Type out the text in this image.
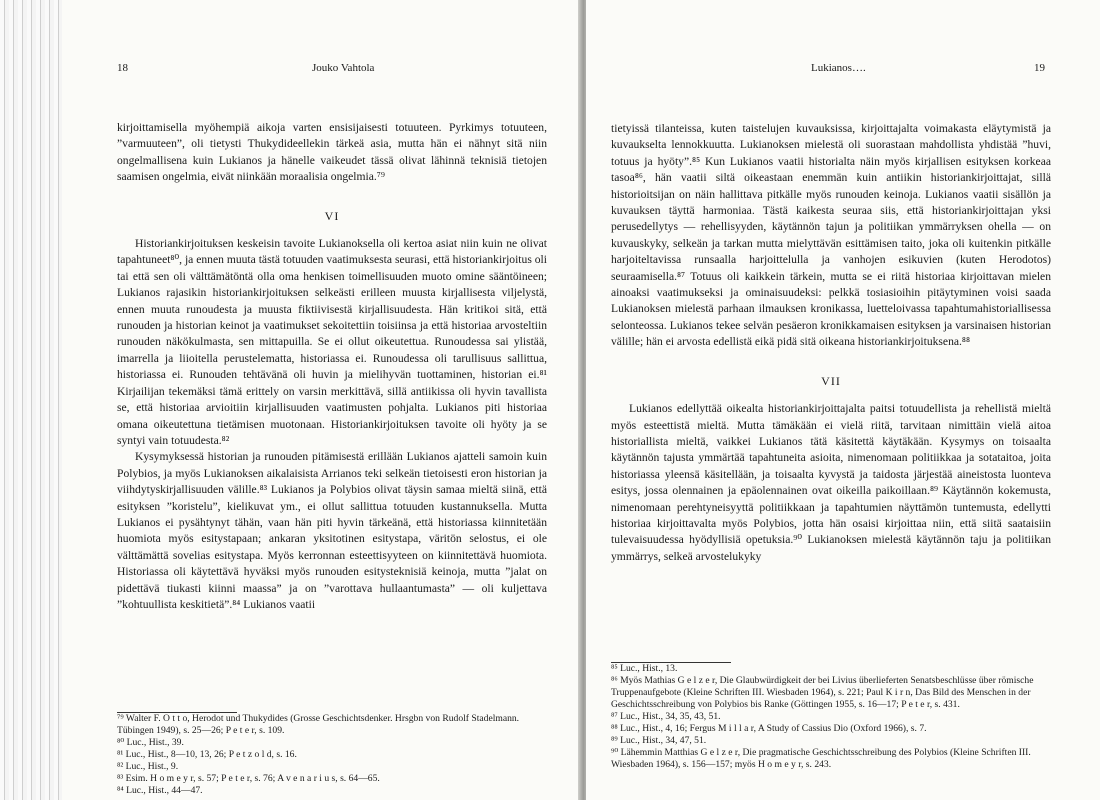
18	Jouko Vahtola

kirjoittamisella myöhempiä aikoja varten ensisijaisesti totuuteen. Pyrkimys totuuteen, ”varmuuteen”, oli tietysti Thukydideellekin tärkeä asia, mutta hän ei nähnyt sitä niin ongelmallisena kuin Lukianos ja hänelle vaikeudet tässä olivat lähinnä teknisiä tietojen saamisen ongelmia, eivät niinkään moraalisia ongelmia.⁷⁹

VI

Historiankirjoituksen keskeisin tavoite Lukianoksella oli kertoa asiat niin kuin ne olivat tapahtuneet⁸⁰, ja ennen muuta tästä totuuden vaatimuksesta seurasi, että historiankirjoitus oli tai että sen oli välttämätöntä olla oma henkisen toimellisuuden muoto omine sääntöineen; Lukianos rajasikin historiankirjoituksen selkeästi erilleen muusta kirjallisesta viljelystä, ennen muuta runoudesta ja muusta fiktiivisestä kirjallisuudesta. Hän kritikoi sitä, että runouden ja historian keinot ja vaatimukset sekoitettiin toisiinsa ja että historiaa arvosteltiin runouden näkökulmasta, sen mittapuilla. Se ei ollut oikeutettua. Runoudessa sai ylistää, imarrella ja liioitella perustelematta, historiassa ei. Runoudessa oli tarullisuus sallittua, historiassa ei. Runouden tehtävänä oli huvin ja mielihyvän tuottaminen, historian ei.⁸¹ Kirjailijan tekemäksi tämä erittely on varsin merkittävä, sillä antiikissa oli hyvin tavallista se, että historiaa arvioitiin kirjallisuuden vaatimusten pohjalta. Lukianos piti historiaa omana oikeutettuna tietämisen muotonaan. Historiankirjoituksen tavoite oli hyöty ja se syntyi vain totuudesta.⁸²

Kysymyksessä historian ja runouden pitämisestä erillään Lukianos ajatteli samoin kuin Polybios, ja myös Lukianoksen aikalaisista Arrianos teki selkeän tietoisesti eron historian ja viihdytyskirjallisuuden välille.⁸³ Lukianos ja Polybios olivat täysin samaa mieltä siinä, että esityksen ”koristelu”, kielikuvat ym., ei ollut sallittua totuuden kustannuksella. Mutta Lukianos ei pysähtynyt tähän, vaan hän piti hyvin tärkeänä, että historiassa kiinnitetään huomiota myös esitystapaan; ankaran yksitotinen esitystapa, väritön selostus, ei ole välttämättä sovelias esitystapa. Myös kerronnan esteettisyyteen on kiinnitettävä huomiota. Historiassa oli käytettävä hyväksi myös runouden esitysteknisiä keinoja, mutta ”jalat on pidettävä tiukasti kiinni maassa” ja on ”varottava hullaantumasta” — oli kuljettava ”kohtuullista keskitietä”.⁸⁴ Lukianos vaatii

⁷⁹ Walter F. O t t o, Herodot und Thukydides (Grosse Geschichtsdenker. Hrsgbn von Rudolf Stadelmann. Tübingen 1949), s. 25—26; P e t e r, s. 109.
⁸⁰ Luc., Hist., 39.
⁸¹ Luc., Hist., 8—10, 13, 26; P e t z o l d, s. 16.
⁸² Luc., Hist., 9.
⁸³ Esim. H o m e y r, s. 57; P e t e r, s. 76; A v e n a r i u s, s. 64—65.
⁸⁴ Luc., Hist., 44—47.
Lukianos….	19

tietyissä tilanteissa, kuten taistelujen kuvauksissa, kirjoittajalta voimakasta eläytymistä ja kuvaukselta lennokkuutta. Lukianoksen mielestä oli suorastaan mahdollista yhdistää ”huvi, totuus ja hyöty”.⁸⁵ Kun Lukianos vaatii historialta näin myös kirjallisen esityksen korkeaa tasoa⁸⁶, hän vaatii siltä oikeastaan enemmän kuin antiikin historiankirjoittajat, sillä historioitsijan on näin hallittava pitkälle myös runouden keinoja. Lukianos vaatii sisällön ja kuvauksen täyttä harmoniaa. Tästä kaikesta seuraa siis, että historiankirjoittajan yksi perusedellytys — rehellisyyden, käytännön tajun ja politiikan ymmärryksen ohella — on kuvauskyky, selkeän ja tarkan mutta mielyttävän esittämisen taito, joka oli kuitenkin pitkälle harjoiteltavissa runsaalla harjoittelulla ja vanhojen esikuvien (kuten Herodotos) seuraamisella.⁸⁷ Totuus oli kaikkein tärkein, mutta se ei riitä historiaa kirjoittavan mielen ainoaksi vaatimukseksi ja ominaisuudeksi: pelkkä tosiasioihin pitäytyminen voisi saada Lukianoksen mielestä parhaan ilmauksen kronikassa, luetteloivassa tapahtumahistoriallisessa selonteossa. Lukianos tekee selvän pesäeron kronikkamaisen esityksen ja varsinaisen historian välille; hän ei arvosta edellistä eikä pidä sitä oikeana historiankirjoituksena.⁸⁸

VII

Lukianos edellyttää oikealta historiankirjoittajalta paitsi totuudellista ja rehellistä mieltä myös esteettistä mieltä. Mutta tämäkään ei vielä riitä, tarvitaan nimittäin vielä aitoa historiallista mieltä, vaikkei Lukianos tätä käsitettä käytäkään. Kysymys on toisaalta käytännön tajusta ymmärtää tapahtuneita asioita, nimenomaan politiikkaa ja sotataitoa, joita historiassa yleensä käsitellään, ja toisaalta kyvystä ja taidosta järjestää aineistosta luonteva esitys, jossa olennainen ja epäolennainen ovat oikeilla paikoillaan.⁸⁹ Käytännön kokemusta, nimenomaan perehtyneisyyttä politiikkaan ja tapahtumien näyttämön tuntemusta, edellytti historiaa kirjoittavalta myös Polybios, jotta hän osaisi kirjoittaa niin, että siitä saataisiin tulevaisuudessa hyödyllisiä opetuksia.⁹⁰ Lukianoksen mielestä käytännön taju ja politiikan ymmärrys, selkeä arvostelukyky

⁸⁵ Luc., Hist., 13.
⁸⁶ Myös Mathias G e l z e r, Die Glaubwürdigkeit der bei Livius überlieferten Senatsbeschlüsse über römische Truppenaufgebote (Kleine Schriften III. Wiesbaden 1964), s. 221; Paul K i r n, Das Bild des Menschen in der Geschichtsschreibung von Polybios bis Ranke (Göttingen 1955, s. 16—17; P e t e r, s. 431.
⁸⁷ Luc., Hist., 34, 35, 43, 51.
⁸⁸ Luc., Hist., 4, 16; Fergus M i l l a r, A Study of Cassius Dio (Oxford 1966), s. 7.
⁸⁹ Luc., Hist., 34, 47, 51.
⁹⁰ Lähemmin Matthias G e l z e r, Die pragmatische Geschichtsschreibung des Polybios (Kleine Schriften III. Wiesbaden 1964), s. 156—157; myös H o m e y r, s. 243.
